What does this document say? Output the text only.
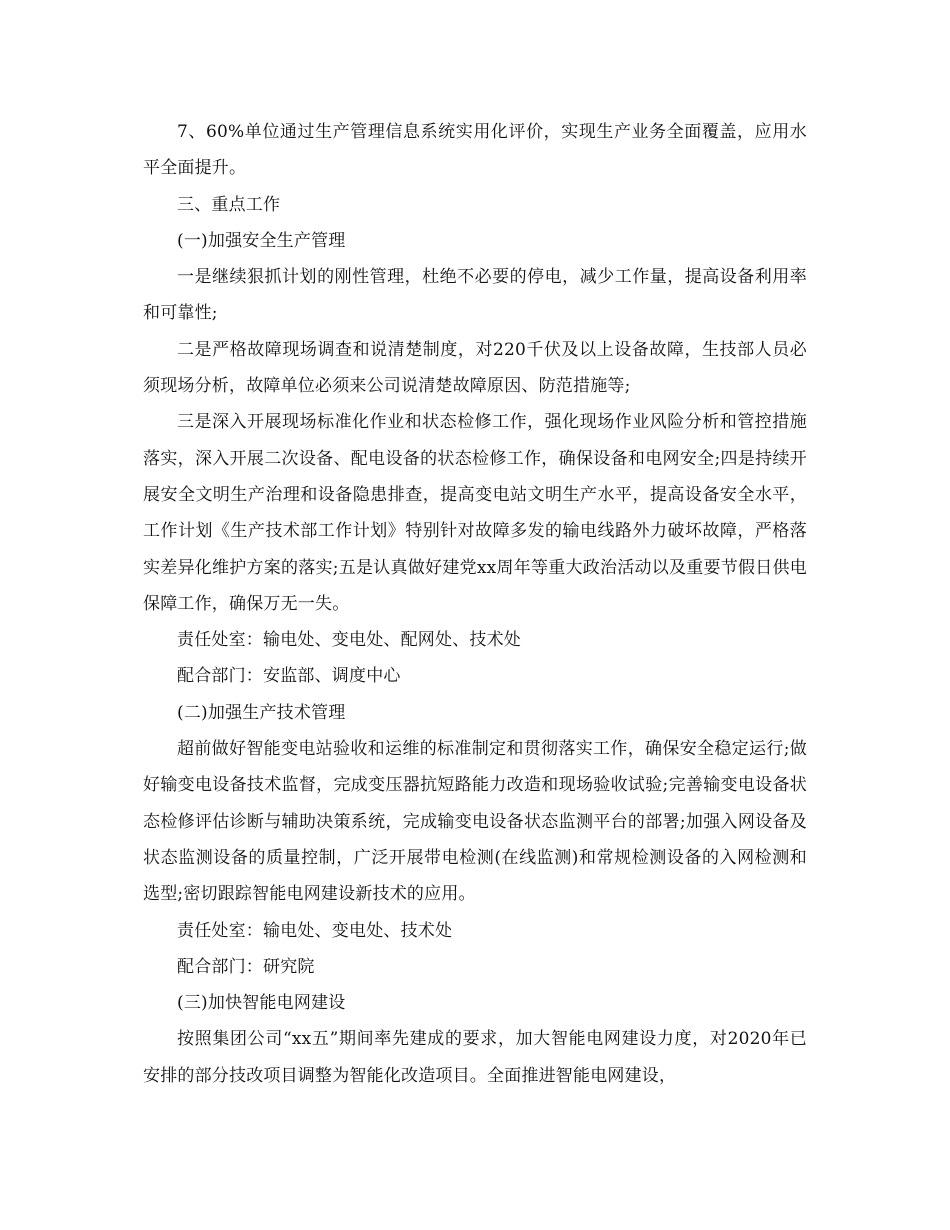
7、60%单位通过生产管理信息系统实用化评价，实现生产业务全面覆盖，应用水平全面提升。

三、重点工作

(一)加强安全生产管理

一是继续狠抓计划的刚性管理，杜绝不必要的停电，减少工作量，提高设备利用率和可靠性;

二是严格故障现场调查和说清楚制度，对220千伏及以上设备故障，生技部人员必须现场分析，故障单位必须来公司说清楚故障原因、防范措施等;

三是深入开展现场标准化作业和状态检修工作，强化现场作业风险分析和管控措施落实，深入开展二次设备、配电设备的状态检修工作，确保设备和电网安全;四是持续开展安全文明生产治理和设备隐患排查，提高变电站文明生产水平，提高设备安全水平，工作计划《生产技术部工作计划》特别针对故障多发的输电线路外力破坏故障，严格落实差异化维护方案的落实;五是认真做好建党xx周年等重大政治活动以及重要节假日供电保障工作，确保万无一失。

责任处室：输电处、变电处、配网处、技术处

配合部门：安监部、调度中心

(二)加强生产技术管理

超前做好智能变电站验收和运维的标准制定和贯彻落实工作，确保安全稳定运行;做好输变电设备技术监督，完成变压器抗短路能力改造和现场验收试验;完善输变电设备状态检修评估诊断与辅助决策系统，完成输变电设备状态监测平台的部署;加强入网设备及状态监测设备的质量控制，广泛开展带电检测(在线监测)和常规检测设备的入网检测和选型;密切跟踪智能电网建设新技术的应用。

责任处室：输电处、变电处、技术处

配合部门：研究院

(三)加快智能电网建设

按照集团公司“xx五”期间率先建成的要求，加大智能电网建设力度，对2020年已安排的部分技改项目调整为智能化改造项目。全面推进智能电网建设，
